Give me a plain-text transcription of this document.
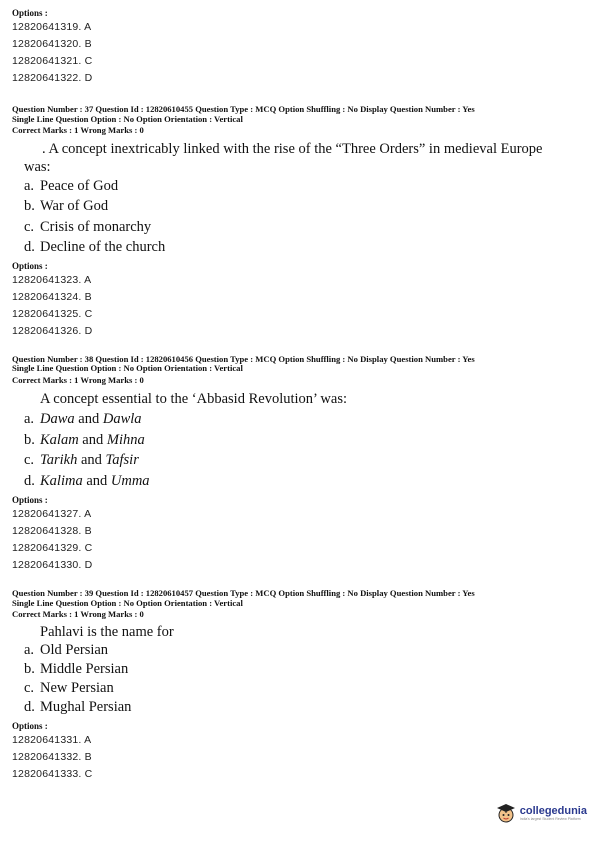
Options :
12820641319. A
12820641320. B
12820641321. C
12820641322. D
Question Number : 37 Question Id : 12820610455 Question Type : MCQ Option Shuffling : No Display Question Number : Yes
Single Line Question Option : No Option Orientation : Vertical
Correct Marks : 1 Wrong Marks : 0
. A concept inextricably linked with the rise of the “Three Orders” in medieval Europe
was:
a. Peace of God
b. War of God
c. Crisis of monarchy
d. Decline of the church
Options :
12820641323. A
12820641324. B
12820641325. C
12820641326. D
Question Number : 38 Question Id : 12820610456 Question Type : MCQ Option Shuffling : No Display Question Number : Yes
Single Line Question Option : No Option Orientation : Vertical
Correct Marks : 1 Wrong Marks : 0
A concept essential to the ‘Abbasid Revolution’ was:
a. Dawa and Dawla
b. Kalam and Mihna
c. Tarikh and Tafsir
d. Kalima and Umma
Options :
12820641327. A
12820641328. B
12820641329. C
12820641330. D
Question Number : 39 Question Id : 12820610457 Question Type : MCQ Option Shuffling : No Display Question Number : Yes
Single Line Question Option : No Option Orientation : Vertical
Correct Marks : 1 Wrong Marks : 0
Pahlavi is the name for
a. Old Persian
b. Middle Persian
c. New Persian
d. Mughal Persian
Options :
12820641331. A
12820641332. B
12820641333. C
collegedunia
India's largest Student Review Platform
